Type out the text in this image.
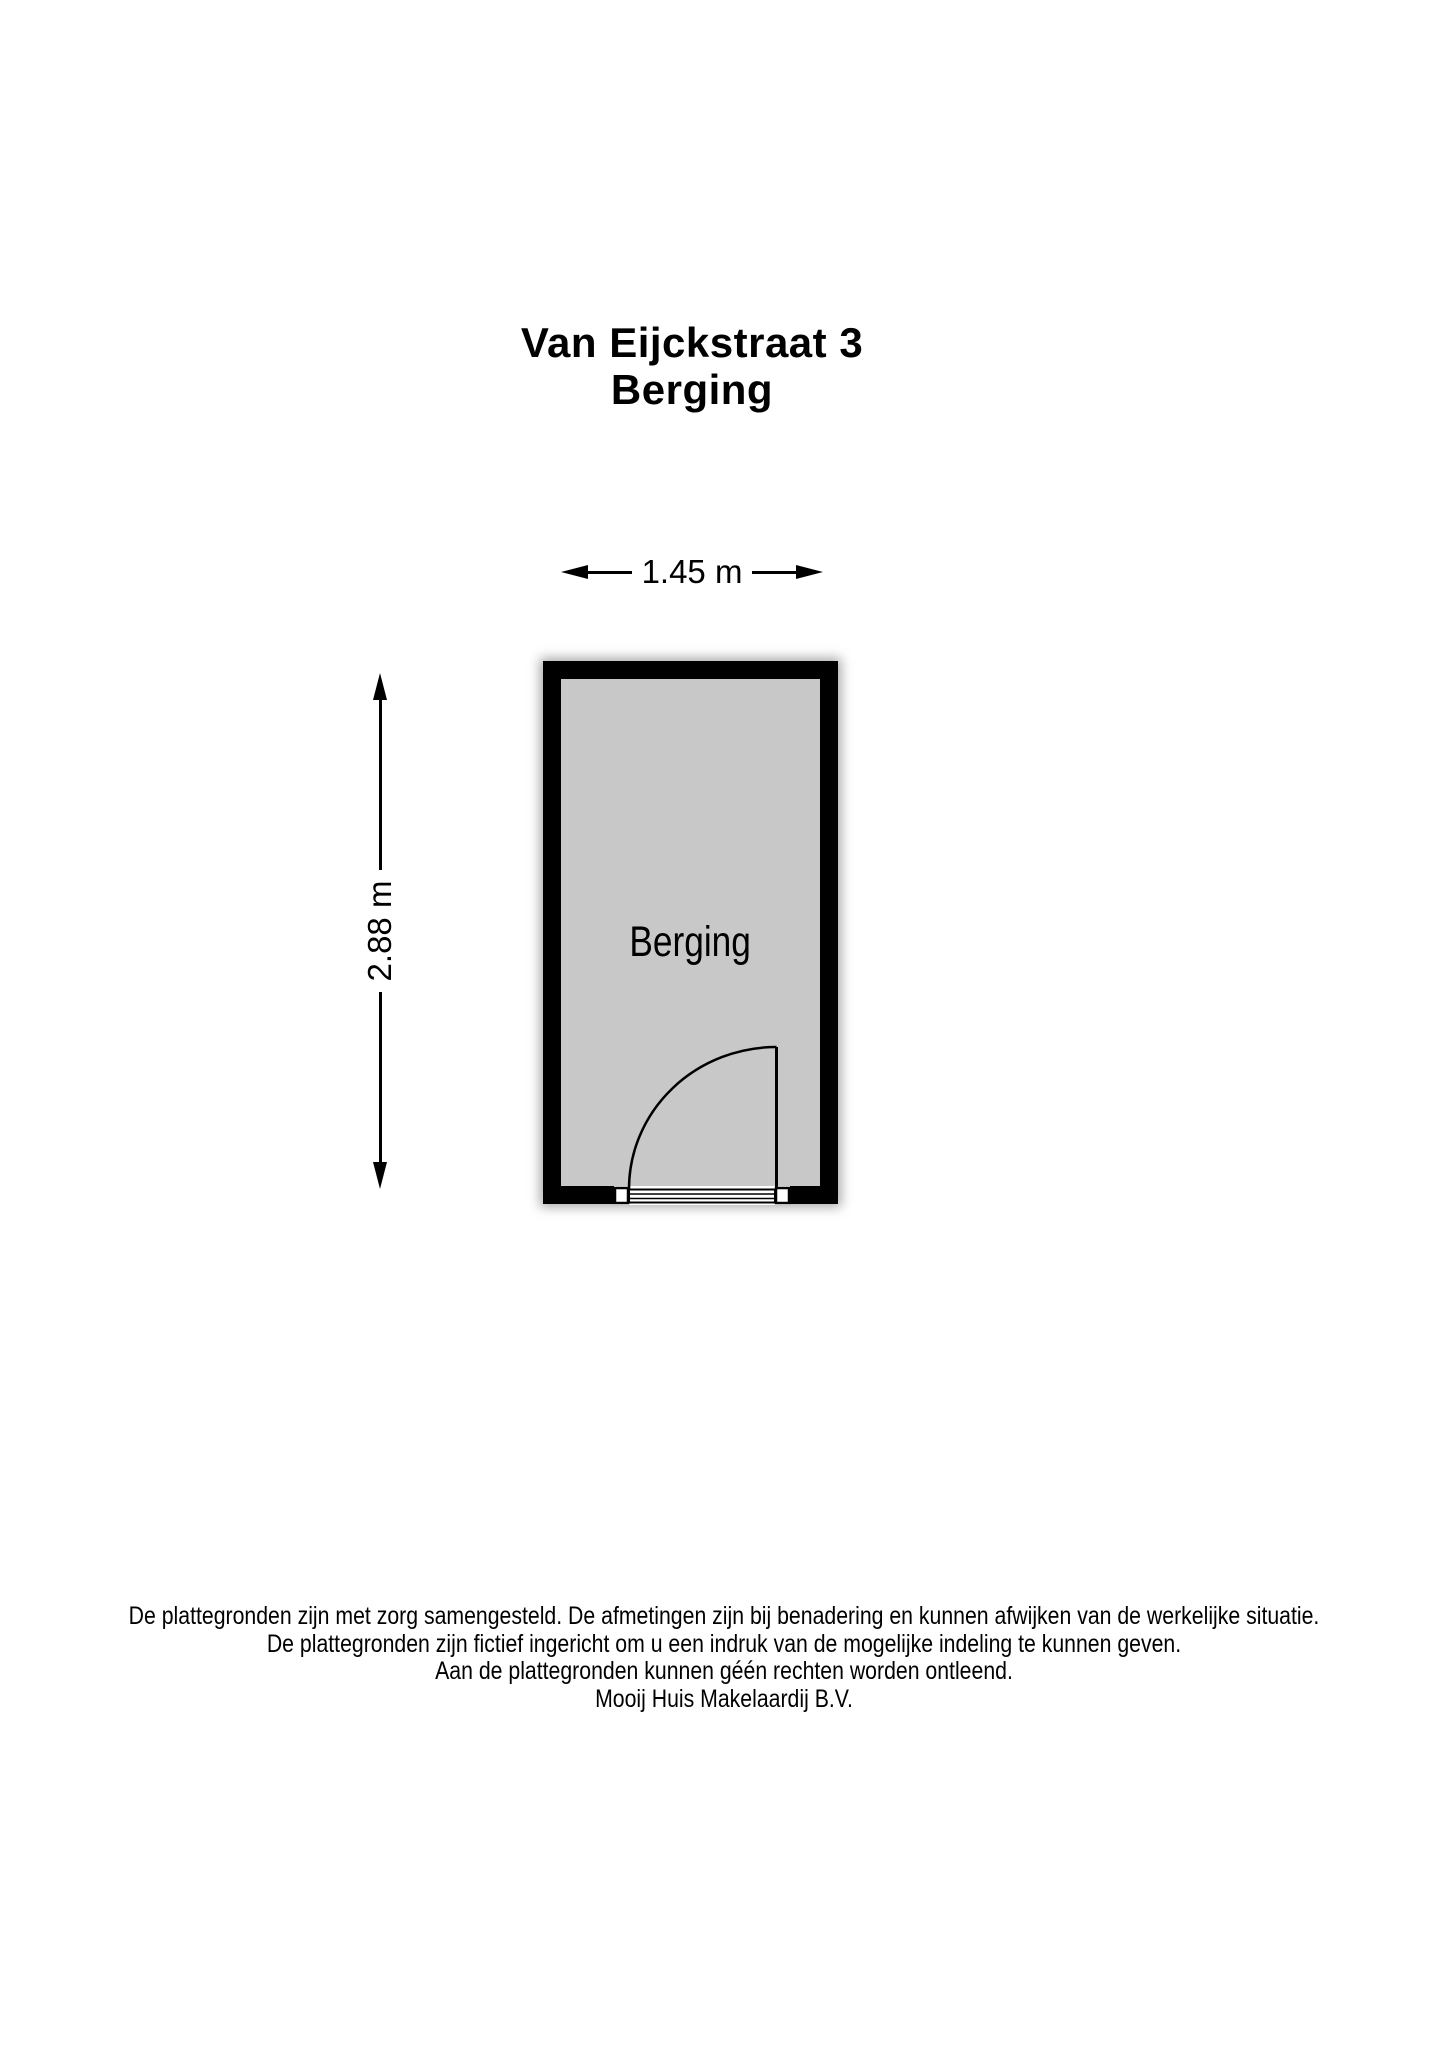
Van Eijckstraat 3
Berging
1.45 m
2.88 m	Berging
De plattegronden zijn met zorg samengesteld. De afmetingen zijn bij benadering en kunnen afwijken van de werkelijke situatie.
De plattegronden zijn fictief ingericht om u een indruk van de mogelijke indeling te kunnen geven.
Aan de plattegronden kunnen géén rechten worden ontleend.
Mooij Huis Makelaardij B.V.
